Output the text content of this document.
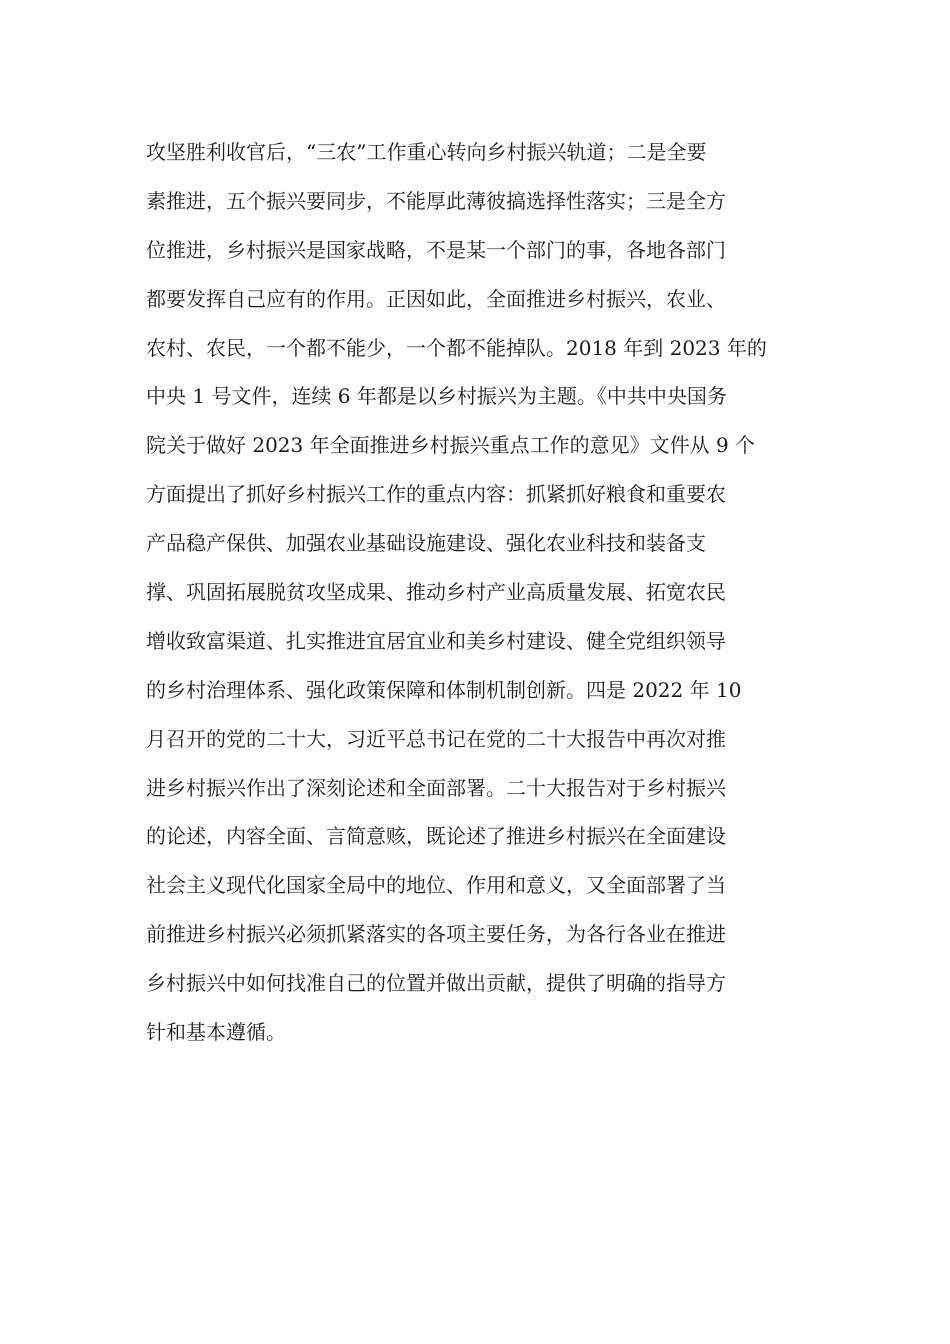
攻坚胜利收官后，“三农”工作重心转向乡村振兴轨道；二是全要
素推进，五个振兴要同步，不能厚此薄彼搞选择性落实；三是全方
位推进，乡村振兴是国家战略，不是某一个部门的事，各地各部门
都要发挥自己应有的作用。正因如此，全面推进乡村振兴，农业、
农村、农民，一个都不能少，一个都不能掉队。2018 年到 2023 年的
中央 1 号文件，连续 6 年都是以乡村振兴为主题。《中共中央国务
院关于做好 2023 年全面推进乡村振兴重点工作的意见》文件从 9 个
方面提出了抓好乡村振兴工作的重点内容：抓紧抓好粮食和重要农
产品稳产保供、加强农业基础设施建设、强化农业科技和装备支
撑、巩固拓展脱贫攻坚成果、推动乡村产业高质量发展、拓宽农民
增收致富渠道、扎实推进宜居宜业和美乡村建设、健全党组织领导
的乡村治理体系、强化政策保障和体制机制创新。四是 2022 年 10
月召开的党的二十大，习近平总书记在党的二十大报告中再次对推
进乡村振兴作出了深刻论述和全面部署。二十大报告对于乡村振兴
的论述，内容全面、言简意赅，既论述了推进乡村振兴在全面建设
社会主义现代化国家全局中的地位、作用和意义，又全面部署了当
前推进乡村振兴必须抓紧落实的各项主要任务，为各行各业在推进
乡村振兴中如何找准自己的位置并做出贡献，提供了明确的指导方
针和基本遵循。
